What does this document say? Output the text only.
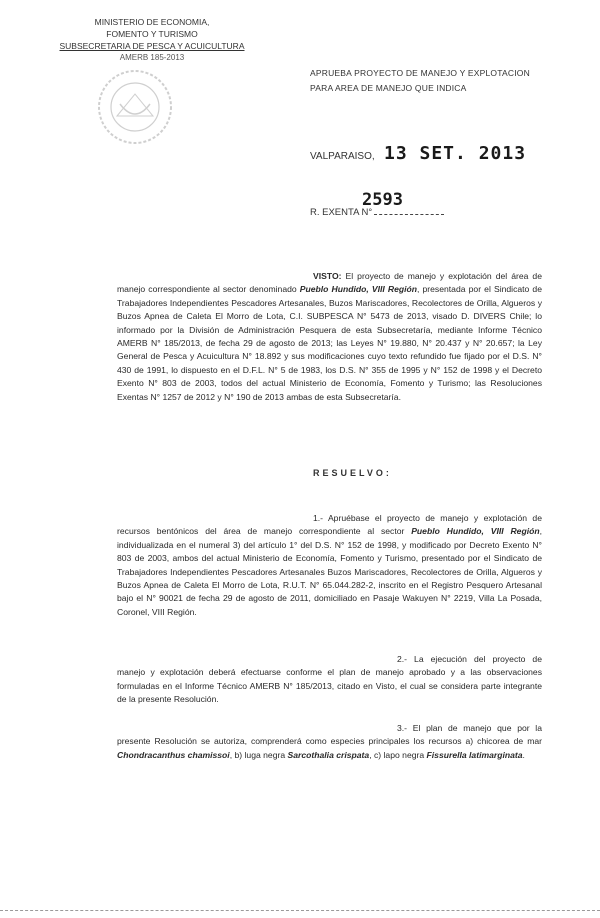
MINISTERIO DE ECONOMIA,
FOMENTO Y TURISMO
SUBSECRETARIA DE PESCA Y ACUICULTURA
AMERB 185-2013
APRUEBA PROYECTO DE MANEJO Y EXPLOTACION
PARA AREA DE MANEJO QUE INDICA
VALPARAISO, 13 SET. 2013
R. EXENTA N°
2593
VISTO: El proyecto de manejo y explotación del área de manejo correspondiente al sector denominado Pueblo Hundido, VIII Región, presentada por el Sindicato de Trabajadores Independientes Pescadores Artesanales, Buzos Mariscadores, Recolectores de Orilla, Algueros y Buzos Apnea de Caleta El Morro de Lota, C.I. SUBPESCA N° 5473 de 2013, visado D. DIVERS Chile; lo informado por la División de Administración Pesquera de esta Subsecretaría, mediante Informe Técnico AMERB N° 185/2013, de fecha 29 de agosto de 2013; las Leyes N° 19.880, N° 20.437 y N° 20.657; la Ley General de Pesca y Acuicultura N° 18.892 y sus modificaciones cuyo texto refundido fue fijado por el D.S. N° 430 de 1991, lo dispuesto en el D.F.L. N° 5 de 1983, los D.S. N° 355 de 1995 y N° 152 de 1998 y el Decreto Exento N° 803 de 2003, todos del actual Ministerio de Economía, Fomento y Turismo; las Resoluciones Exentas N° 1257 de 2012 y N° 190 de 2013 ambas de esta Subsecretaría.
RESUELVO:
1.- Apruébase el proyecto de manejo y explotación de recursos bentónicos del área de manejo correspondiente al sector Pueblo Hundido, VIII Región, individualizada en el numeral 3) del artículo 1° del D.S. N° 152 de 1998, y modificado por Decreto Exento N° 803 de 2003, ambos del actual Ministerio de Economía, Fomento y Turismo, presentado por el Sindicato de Trabajadores Independientes Pescadores Artesanales Buzos Mariscadores, Recolectores de Orilla, Algueros y Buzos Apnea de Caleta El Morro de Lota, R.U.T. N° 65.044.282-2, inscrito en el Registro Pesquero Artesanal bajo el N° 90021 de fecha 29 de agosto de 2011, domiciliado en Pasaje Wakuyen N° 2219, Villa La Posada, Coronel, VIII Región.
2.- La ejecución del proyecto de manejo y explotación deberá efectuarse conforme el plan de manejo aprobado y a las observaciones formuladas en el Informe Técnico AMERB N° 185/2013, citado en Visto, el cual se considera parte integrante de la presente Resolución.
3.- El plan de manejo que por la presente Resolución se autoriza, comprenderá como especies principales los recursos a) chicorea de mar Chondracanthus chamissoi, b) luga negra Sarcothalia crispata, c) lapo negra Fissurella latimarginata.
